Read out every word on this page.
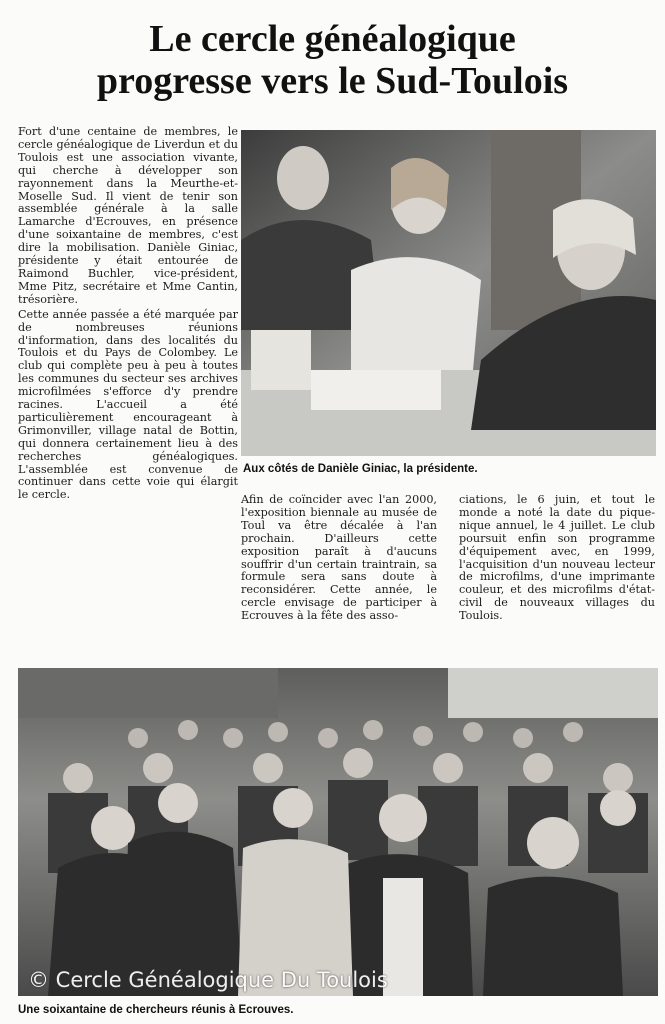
Le cercle généalogique
progresse vers le Sud-Toulois

Fort d'une centaine de membres, le cercle généalogique de Liverdun et du Toulois est une association vivante, qui cherche à développer son rayonnement dans la Meurthe-et-Moselle Sud. Il vient de tenir son assemblée générale à la salle Lamarche d'Ecrouves, en présence d'une soixantaine de membres, c'est dire la mobilisation. Danièle Giniac, présidente y était entourée de Raimond Buchler, vice-président, Mme Pitz, secrétaire et Mme Cantin, trésorière.

Cette année passée a été marquée par de nombreuses réunions d'information, dans des localités du Toulois et du Pays de Colombey. Le club qui complète peu à peu à toutes les communes du secteur ses archives microfilmées s'efforce d'y prendre racines. L'accueil a été particulièrement encourageant à Grimonviller, village natal de Bottin, qui donnera certainement lieu à des recherches généalogiques. L'assemblée est convenue de continuer dans cette voie qui élargit le cercle.

Aux côtés de Danièle Giniac, la présidente.

Afin de coïncider avec l'an 2000, l'exposition biennale au musée de Toul va être décalée à l'an prochain. D'ailleurs cette exposition paraît à d'aucuns souffrir d'un certain traintrain, sa formule sera sans doute à reconsidérer. Cette année, le cercle envisage de participer à Ecrouves à la fête des asso-

ciations, le 6 juin, et tout le monde a noté la date du pique-nique annuel, le 4 juillet. Le club poursuit enfin son programme d'équipement avec, en 1999, l'acquisition d'un nouveau lecteur de microfilms, d'une imprimante couleur, et des microfilms d'état-civil de nouveaux villages du Toulois.

© Cercle Généalogique Du Toulois
Une soixantaine de chercheurs réunis à Ecrouves.
